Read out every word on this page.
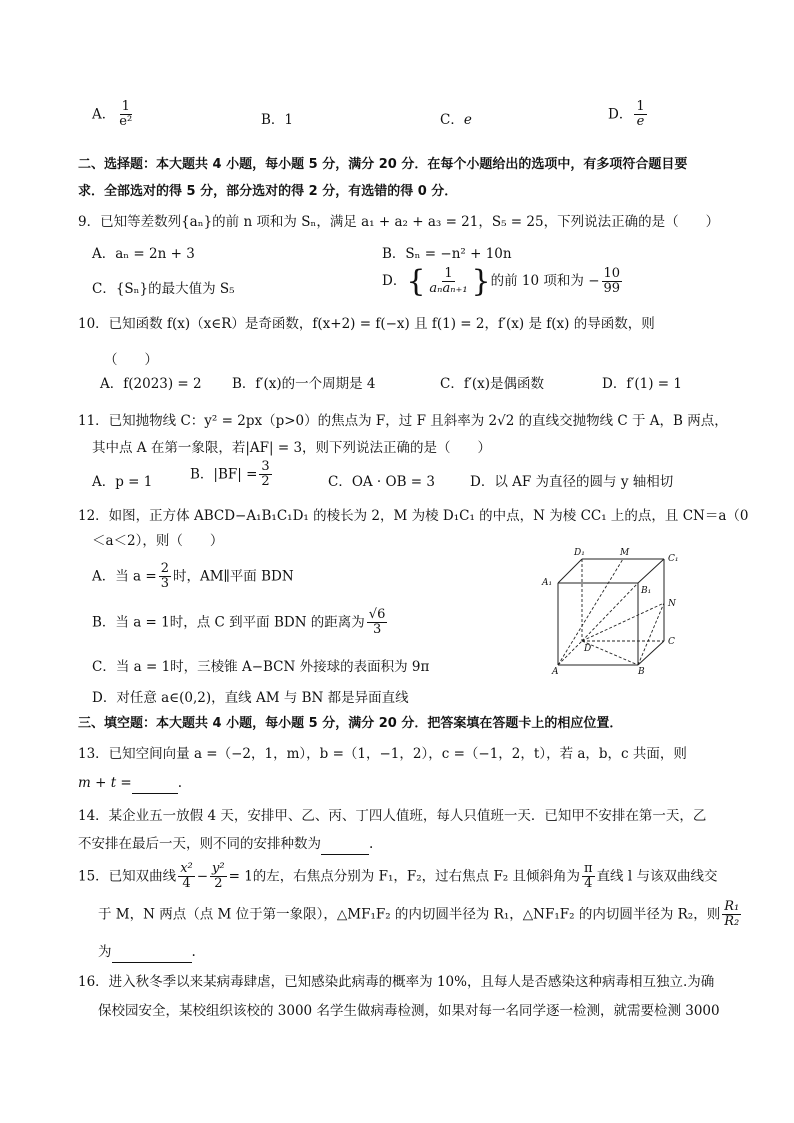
A． $\frac{1}{\text{e²}}$	B．1	C．e	D． $\frac{1}{e}$
二、选择题：本大题共 4 小题，每小题 5 分，满分 20 分．在每个小题给出的选项中，有多项符合题目要
求．全部选对的得 5 分，部分选对的得 2 分，有选错的得 0 分．
9．已知等差数列{aₙ}的前 n 项和为 Sₙ，满足 a₁ + a₂ + a₃ = 21，S₅ = 25，下列说法正确的是（　　）
A．aₙ = 2n + 3	B．Sₙ = −n² + 10n
C．{Sₙ}的最大值为 S₅	D．{ $\frac{1}{\text{aₙaₙ₊₁}}$ }的前 10 项和为 − $\frac{10}{99}$
10．已知函数 f(x)（x∈R）是奇函数，f(x+2) = f(−x) 且 f(1) = 2，f′(x) 是 f(x) 的导函数，则
（　　）
A．f(2023) = 2 B．f′(x)的一个周期是 4	C．f′(x)是偶函数	D．f′(1) = 1
11．已知抛物线 C：y² = 2px（p>0）的焦点为 F，过 F 且斜率为 2√2 的直线交抛物线 C 于 A，B 两点，
其中点 A 在第一象限，若|AF| = 3，则下列说法正确的是（　　）
A．p = 1	B．$|BF| = \frac{3}{2}$	C．OA · OB = 3	D．以 AF 为直径的圆与 y 轴相切
12．如图，正方体 ABCD−A₁B₁C₁D₁ 的棱长为 2，M 为棱 D₁C₁ 的中点，N 为棱 CC₁ 上的点，且 CN＝a（0
＜a＜2），则（　　）
A．当 $a = \frac{2}{3}$ 时，AM∥平面 BDN
B．当 a = 1时，点 C 到平面 BDN 的距离为 $\frac{√6}{3}$
C．当 a = 1时，三棱锥 A−BCN 外接球的表面积为 9π
D．对任意 a∈(0,2)，直线 AM 与 BN 都是异面直线
D₁	M
C₁
A₁
B₁
N
D
C
A	B
三、填空题：本大题共 4 小题，每小题 5 分，满分 20 分．把答案填在答题卡上的相应位置．
13．已知空间向量 a =（−2，1，m），b =（1，−1，2），c =（−1，2，t），若 a，b，c 共面，则
m + t =	.
14．某企业五一放假 4 天，安排甲、乙、丙、丁四人值班，每人只值班一天．已知甲不安排在第一天，乙
不安排在最后一天，则不同的安排种数为	.
15．已知双曲线 $\frac{\text{x²}}{4} - \frac{\text{y²}}{2} = 1$的左，右焦点分别为 F₁，F₂，过右焦点 F₂ 且倾斜角为 $\frac{\pi}{4}$ 直线 l 与该双曲线交
于 M，N 两点（点 M 位于第一象限），△MF₁F₂ 的内切圆半径为 R₁，△NF₁F₂ 的内切圆半径为 R₂，则 $\frac{\text{R₁}}{\text{R₂}}$
为	.
16．进入秋冬季以来某病毒肆虐，已知感染此病毒的概率为 10%，且每人是否感染这种病毒相互独立.为确
保校园安全，某校组织该校的 3000 名学生做病毒检测，如果对每一名同学逐一检测，就需要检测 3000
